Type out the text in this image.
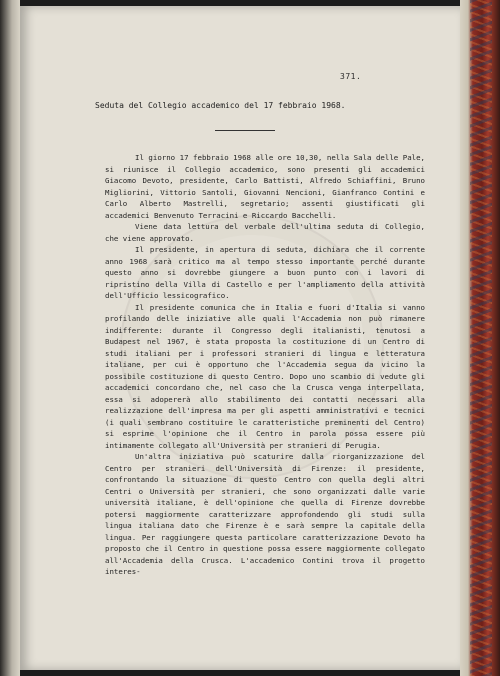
371.
Seduta del Collegio accademico del 17 febbraio 1968.

Il giorno 17 febbraio 1968 alle ore 10,30, nella Sala delle Pale, si riunisce il Collegio accademico, sono presenti gli accademici Giacomo Devoto, presidente, Carlo Battisti, Alfredo Schiaffini, Bruno Migliorini, Vittorio Santoli, Giovanni Nencioni, Gianfranco Contini e Carlo Alberto Mastrelli, segretario; assenti giustificati gli accademici Benvenuto Terracini e Riccardo Bacchelli.

Viene data lettura del verbale dell'ultima seduta di Collegio, che viene approvato.

Il presidente, in apertura di seduta, dichiara che il corrente anno 1968 sarà critico ma al tempo stesso importante perché durante questo anno si dovrebbe giungere a buon punto con i lavori di ripristino della Villa di Castello e per l'ampliamento della attività dell'Ufficio lessicografico.

Il presidente comunica che in Italia e fuori d'Italia si vanno profilando delle iniziative alle quali l'Accademia non può rimanere indifferente: durante il Congresso degli italianisti, tenutosi a Budapest nel 1967, è stata proposta la costituzione di un Centro di studi italiani per i professori stranieri di lingua e letteratura italiane, per cui è opportuno che l'Accademia segua da vicino la possibile costituzione di questo Centro. Dopo uno scambio di vedute gli accademici concordano che, nel caso che la Crusca venga interpellata, essa si adopererà allo stabilimento dei contatti necessari alla realizzazione dell'impresa ma per gli aspetti amministrativi e tecnici (i quali sembrano costituire le caratteristiche preminenti del Centro) si esprime l'opinione che il Centro in parola possa essere più intimamente collegato all'Università per stranieri di Perugia.

Un'altra iniziativa può scaturire dalla riorganizzazione del Centro per stranieri dell'Università di Firenze: il presidente, confrontando la situazione di questo Centro con quella degli altri Centri o Università per stranieri, che sono organizzati dalle varie università italiane, è dell'opinione che quella di Firenze dovrebbe potersi maggiormente caratterizzare approfondendo gli studi sulla lingua italiana dato che Firenze è e sarà sempre la capitale della lingua. Per raggiungere questa particolare caratterizzazione Devoto ha proposto che il Centro in questione possa essere maggiormente collegato all'Accademia della Crusca. L'accademico Contini trova il progetto interes-
